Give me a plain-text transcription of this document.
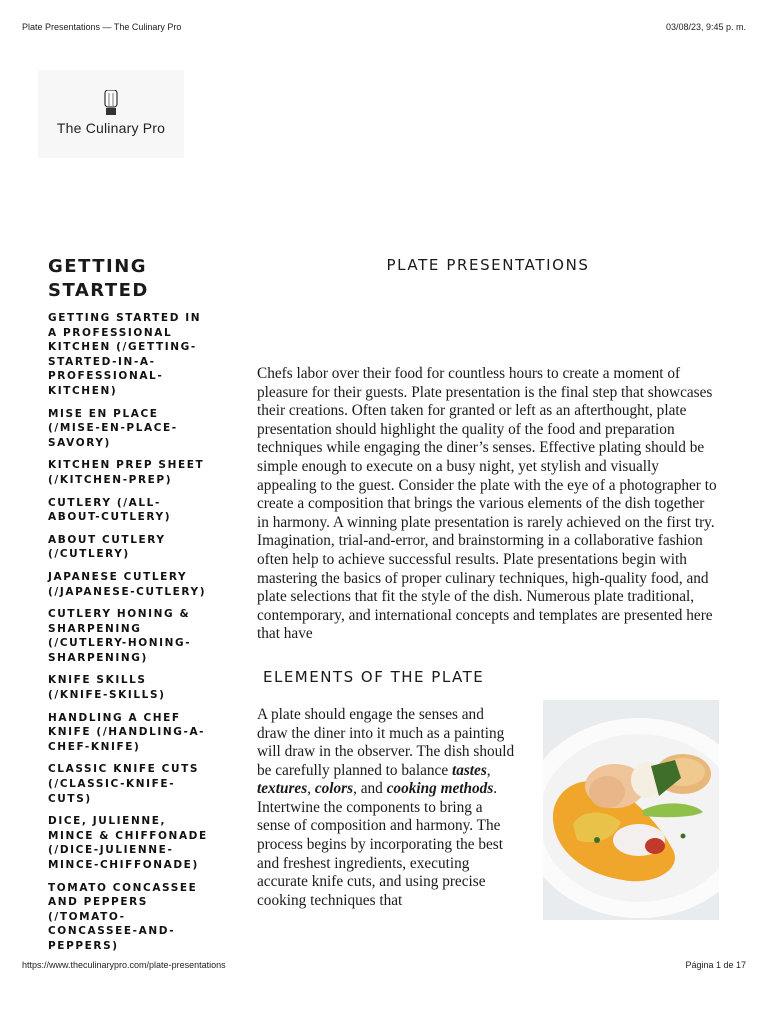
Plate Presentations — The Culinary Pro	03/08/23, 9:45 p. m.
The Culinary Pro
GETTING STARTED
GETTING STARTED IN A PROFESSIONAL KITCHEN (/GETTING-STARTED-IN-A-PROFESSIONAL-KITCHEN)
MISE EN PLACE (/MISE-EN-PLACE-SAVORY)
KITCHEN PREP SHEET (/KITCHEN-PREP)
CUTLERY (/ALL-ABOUT-CUTLERY)
ABOUT CUTLERY (/CUTLERY)
JAPANESE CUTLERY (/JAPANESE-CUTLERY)
CUTLERY HONING & SHARPENING (/CUTLERY-HONING-SHARPENING)
KNIFE SKILLS (/KNIFE-SKILLS)
HANDLING A CHEF KNIFE (/HANDLING-A-CHEF-KNIFE)
CLASSIC KNIFE CUTS (/CLASSIC-KNIFE-CUTS)
DICE, JULIENNE, MINCE & CHIFFONADE (/DICE-JULIENNE-MINCE-CHIFFONADE)
TOMATO CONCASSEE AND PEPPERS (/TOMATO-CONCASSEE-AND-PEPPERS)
PLATE PRESENTATIONS

Chefs labor over their food for countless hours to create a moment of pleasure for their guests. Plate presentation is the final step that showcases their creations. Often taken for granted or left as an afterthought, plate presentation should highlight the quality of the food and preparation techniques while engaging the diner’s senses. Effective plating should be simple enough to execute on a busy night, yet stylish and visually appealing to the guest. Consider the plate with the eye of a photographer to create a composition that brings the various elements of the dish together in harmony. A winning plate presentation is rarely achieved on the first try. Imagination, trial-and-error, and brainstorming in a collaborative fashion often help to achieve successful results. Plate presentations begin with mastering the basics of proper culinary techniques, high-quality food, and plate selections that fit the style of the dish. Numerous plate traditional, contemporary, and international concepts and templates are presented here that have

ELEMENTS OF THE PLATE

A plate should engage the senses and draw the diner into it much as a painting will draw in the observer. The dish should be carefully planned to balance tastes, textures, colors, and cooking methods. Intertwine the components to bring a sense of composition and harmony. The process begins by incorporating the best and freshest ingredients, executing accurate knife cuts, and using precise cooking techniques that

https://www.theculinarypro.com/plate-presentations	Página 1 de 17
